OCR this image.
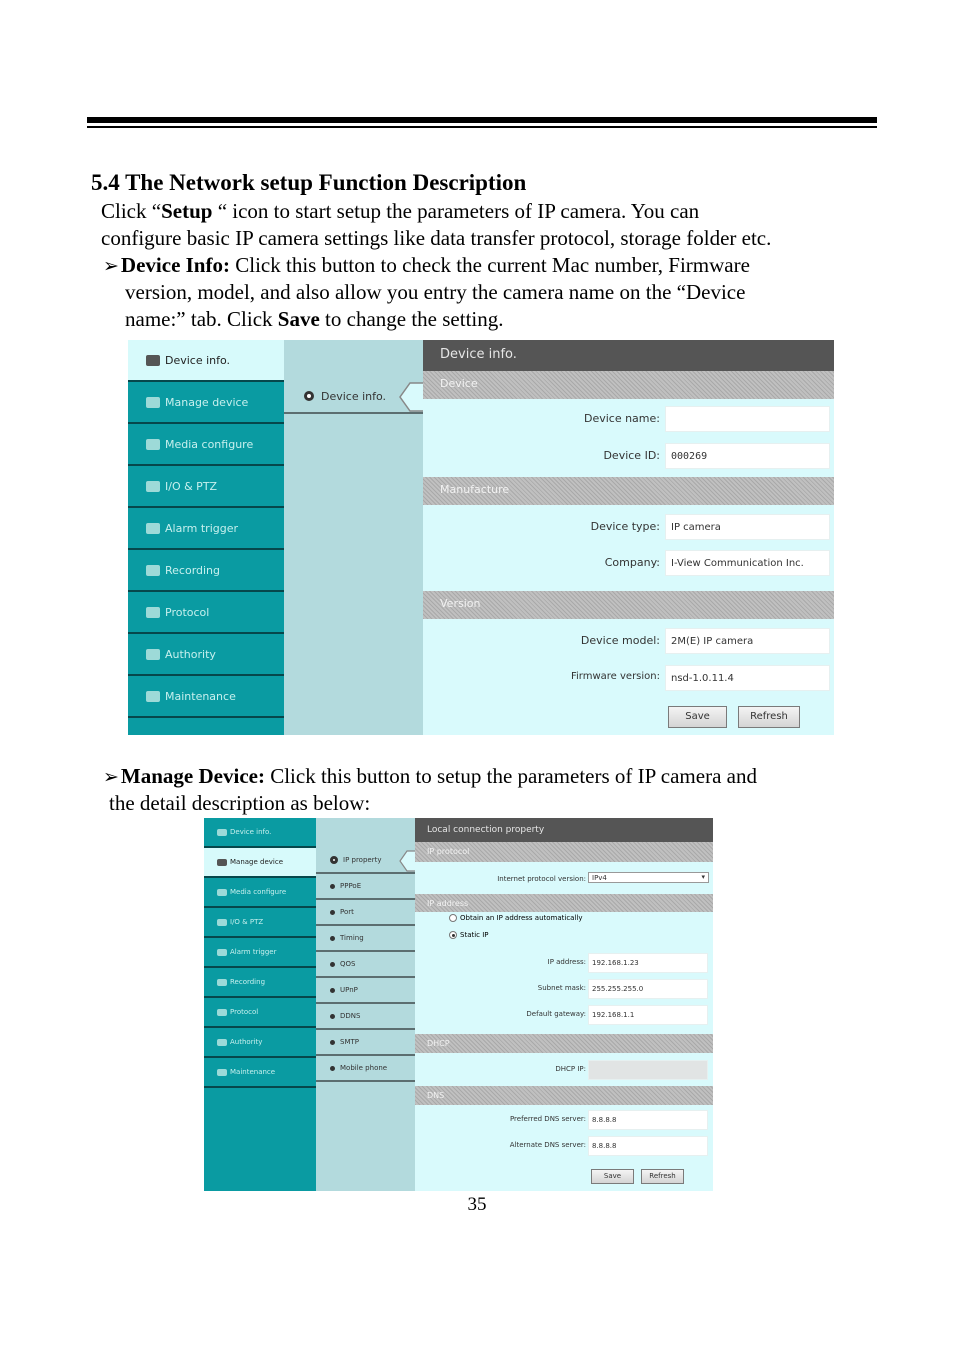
5.4 The Network setup Function Description
Click “Setup “ icon to start setup the parameters of IP camera. You can
configure basic IP camera settings like data transfer protocol, storage folder etc.
➢Device Info: Click this button to check the current Mac number, Firmware
version, model, and also allow you entry the camera name on the “Device
name:” tab. Click Save to change the setting.
Device info.
Manage device
Media configure
I/O & PTZ
Alarm trigger
Recording
Protocol
Authority
Maintenance
Device info.
Device info.
Device
Device name:
Device ID:	000269
Manufacture
Device type:	IP camera
Company:	I-View Communication Inc.
Version
Device model:	2M(E) IP camera
Firmware version:	nsd-1.0.11.4
Save	Refresh
➢Manage Device: Click this button to setup the parameters of IP camera and
the detail description as below:
Device info.
Manage device
Media configure
I/O & PTZ
Alarm trigger
Recording
Protocol
Authority
Maintenance
IP property
PPPoE
Port
Timing
QOS
UPnP
DDNS
SMTP
Mobile phone
Local connection property
IP protocol
Internet protocol version: IPv4	▾
IP address
Obtain an IP address automatically
Static IP
IP address: 192.168.1.23
Subnet mask: 255.255.255.0
Default gateway: 192.168.1.1
DHCP
DHCP IP:
DNS
Preferred DNS server: 8.8.8.8
Alternate DNS server: 8.8.8.8
Save	Refresh
35
